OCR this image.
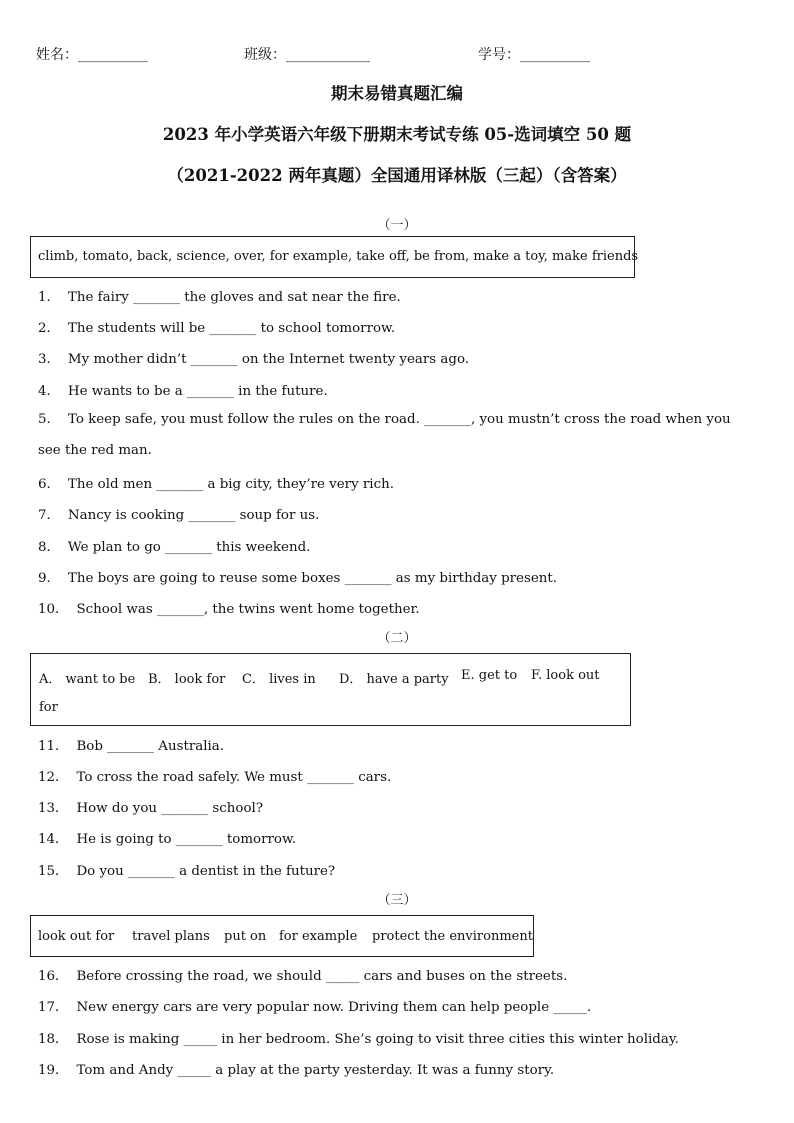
姓名：__________	班级：____________	学号：__________
期末易错真题汇编
2023 年小学英语六年级下册期末考试专练 05-选词填空 50 题
（2021-2022 两年真题）全国通用译林版（三起）（含答案）
（一）
climb, tomato, back, science, over, for example, take off, be from, make a toy, make friends
1． The fairy _______ the gloves and sat near the fire.
2． The students will be _______ to school tomorrow.
3． My mother didn’t _______ on the Internet twenty years ago.
4． He wants to be a _______ in the future.
5． To keep safe, you must follow the rules on the road. _______, you mustn’t cross the road when you see the red man.
6． The old men _______ a big city, they’re very rich.
7． Nancy is cooking _______ soup for us.
8． We plan to go _______ this weekend.
9． The boys are going to reuse some boxes _______ as my birthday present.
10． School was _______, the twins went home together.
（二）
A． want to be B． look for C． lives in D． have a party E. get to F. look out
for
11． Bob _______ Australia.
12． To cross the road safely. We must _______ cars.
13． How do you _______ school?
14． He is going to _______ tomorrow.
15． Do you _______ a dentist in the future?
（三）
look out for travel plans put on for example protect the environment
16． Before crossing the road, we should _____ cars and buses on the streets.
17． New energy cars are very popular now. Driving them can help people _____.
18． Rose is making _____ in her bedroom. She’s going to visit three cities this winter holiday.
19． Tom and Andy _____ a play at the party yesterday. It was a funny story.
